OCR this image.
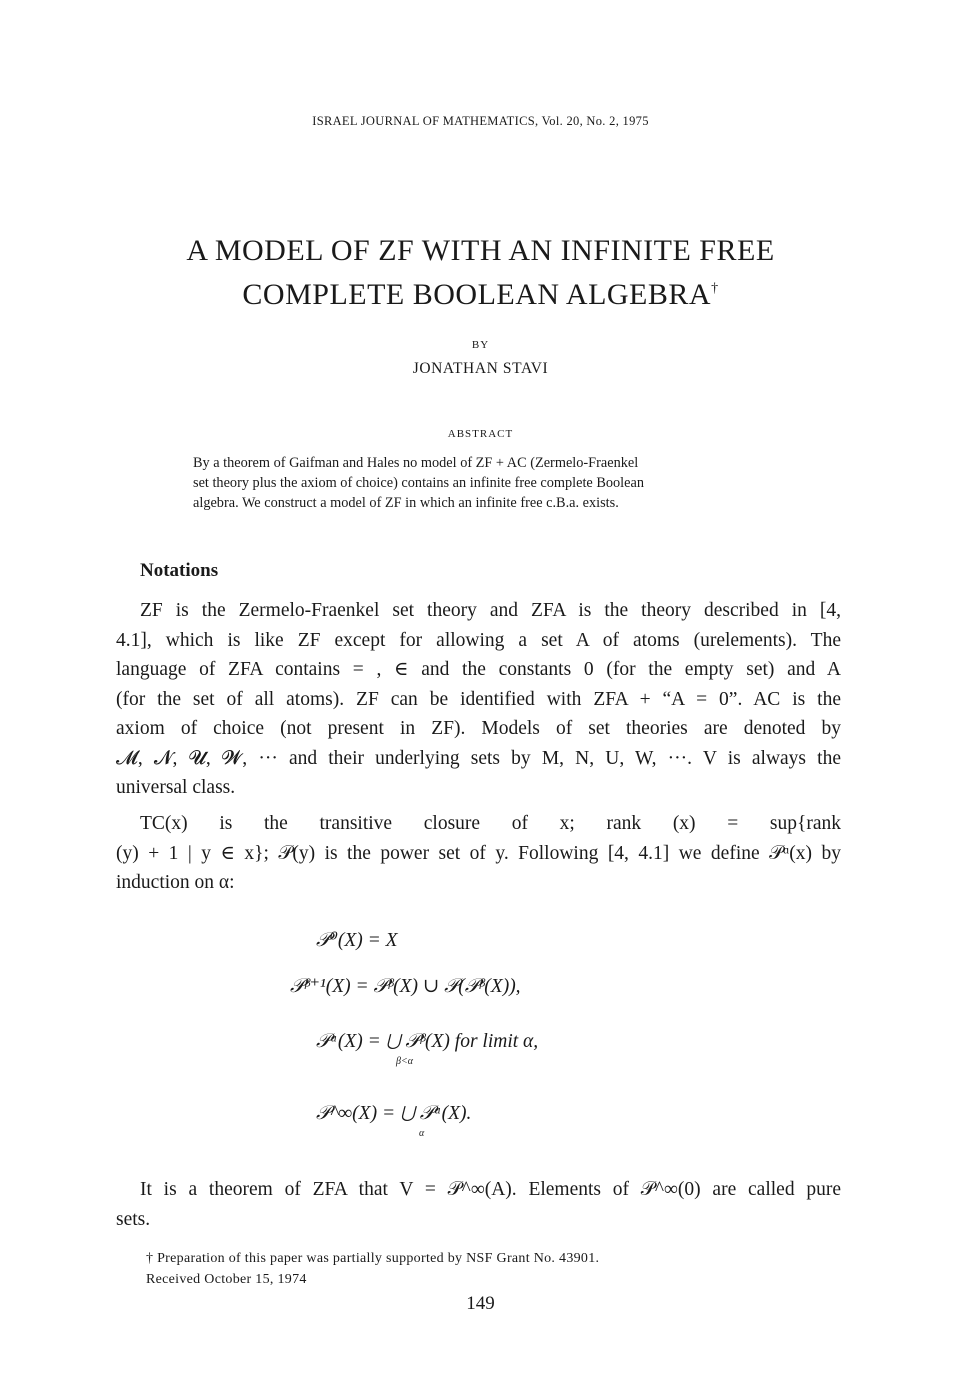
ISRAEL JOURNAL OF MATHEMATICS, Vol. 20, No. 2, 1975
A MODEL OF ZF WITH AN INFINITE FREE
COMPLETE BOOLEAN ALGEBRA†
BY
JONATHAN STAVI
ABSTRACT
By a theorem of Gaifman and Hales no model of ZF + AC (Zermelo-Fraenkel
set theory plus the axiom of choice) contains an infinite free complete Boolean
algebra. We construct a model of ZF in which an infinite free c.B.a. exists.
Notations
ZF is the Zermelo-Fraenkel set theory and ZFA is the theory described in [4,
4.1], which is like ZF except for allowing a set A of atoms (urelements). The
language of ZFA contains = , ∈ and the constants 0 (for the empty set) and A
(for the set of all atoms). ZF can be identified with ZFA + “A = 0”. AC is the
axiom of choice (not present in ZF). Models of set theories are denoted by
𝓜, 𝓝, 𝓤, 𝓦, ··· and their underlying sets by M, N, U, W, ···. V is always the
universal class.
TC(x) is the transitive closure of x; rank (x) = sup{rank
(y) + 1 | y ∈ x}; 𝒫(y) is the power set of y. Following [4, 4.1] we define 𝒫ᵅ(x) by
induction on α:
𝒫⁰(X) = X
𝒫ᵝ⁺¹(X) = 𝒫ᵝ(X) ∪ 𝒫(𝒫ᵝ(X)),
𝒫ᵅ(X) = ⋃ 𝒫ᵝ(X) for limit α,
β<α
𝒫^∞(X) = ⋃ 𝒫ᵅ(X).
α
It is a theorem of ZFA that V = 𝒫^∞(A). Elements of 𝒫^∞(0) are called pure
sets.
† Preparation of this paper was partially supported by NSF Grant No. 43901.
Received October 15, 1974
149
